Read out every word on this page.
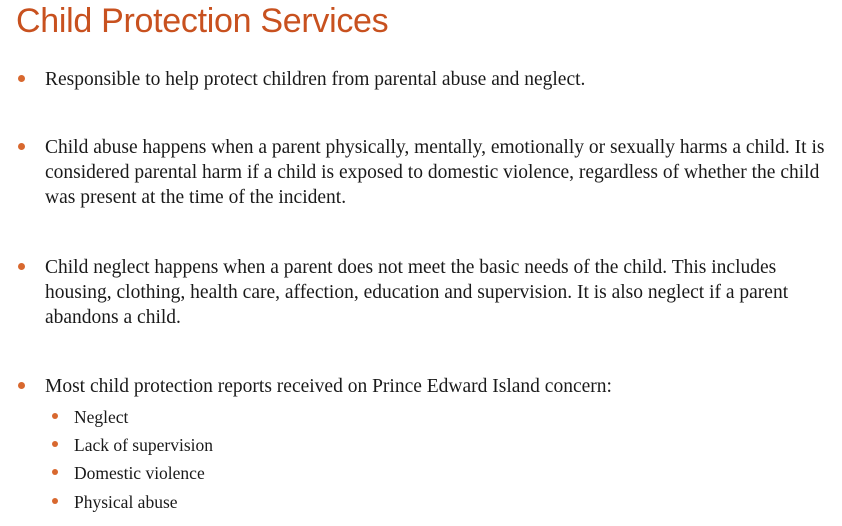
Child Protection Services
Responsible to help protect children from parental abuse and neglect.
Child abuse happens when a parent physically, mentally, emotionally or sexually harms a child. It is considered parental harm if a child is exposed to domestic violence, regardless of whether the child was present at the time of the incident.
Child neglect happens when a parent does not meet the basic needs of the child. This includes housing, clothing, health care, affection, education and supervision. It is also neglect if a parent abandons a child.
Most child protection reports received on Prince Edward Island concern:
Neglect
Lack of supervision
Domestic violence
Physical abuse
